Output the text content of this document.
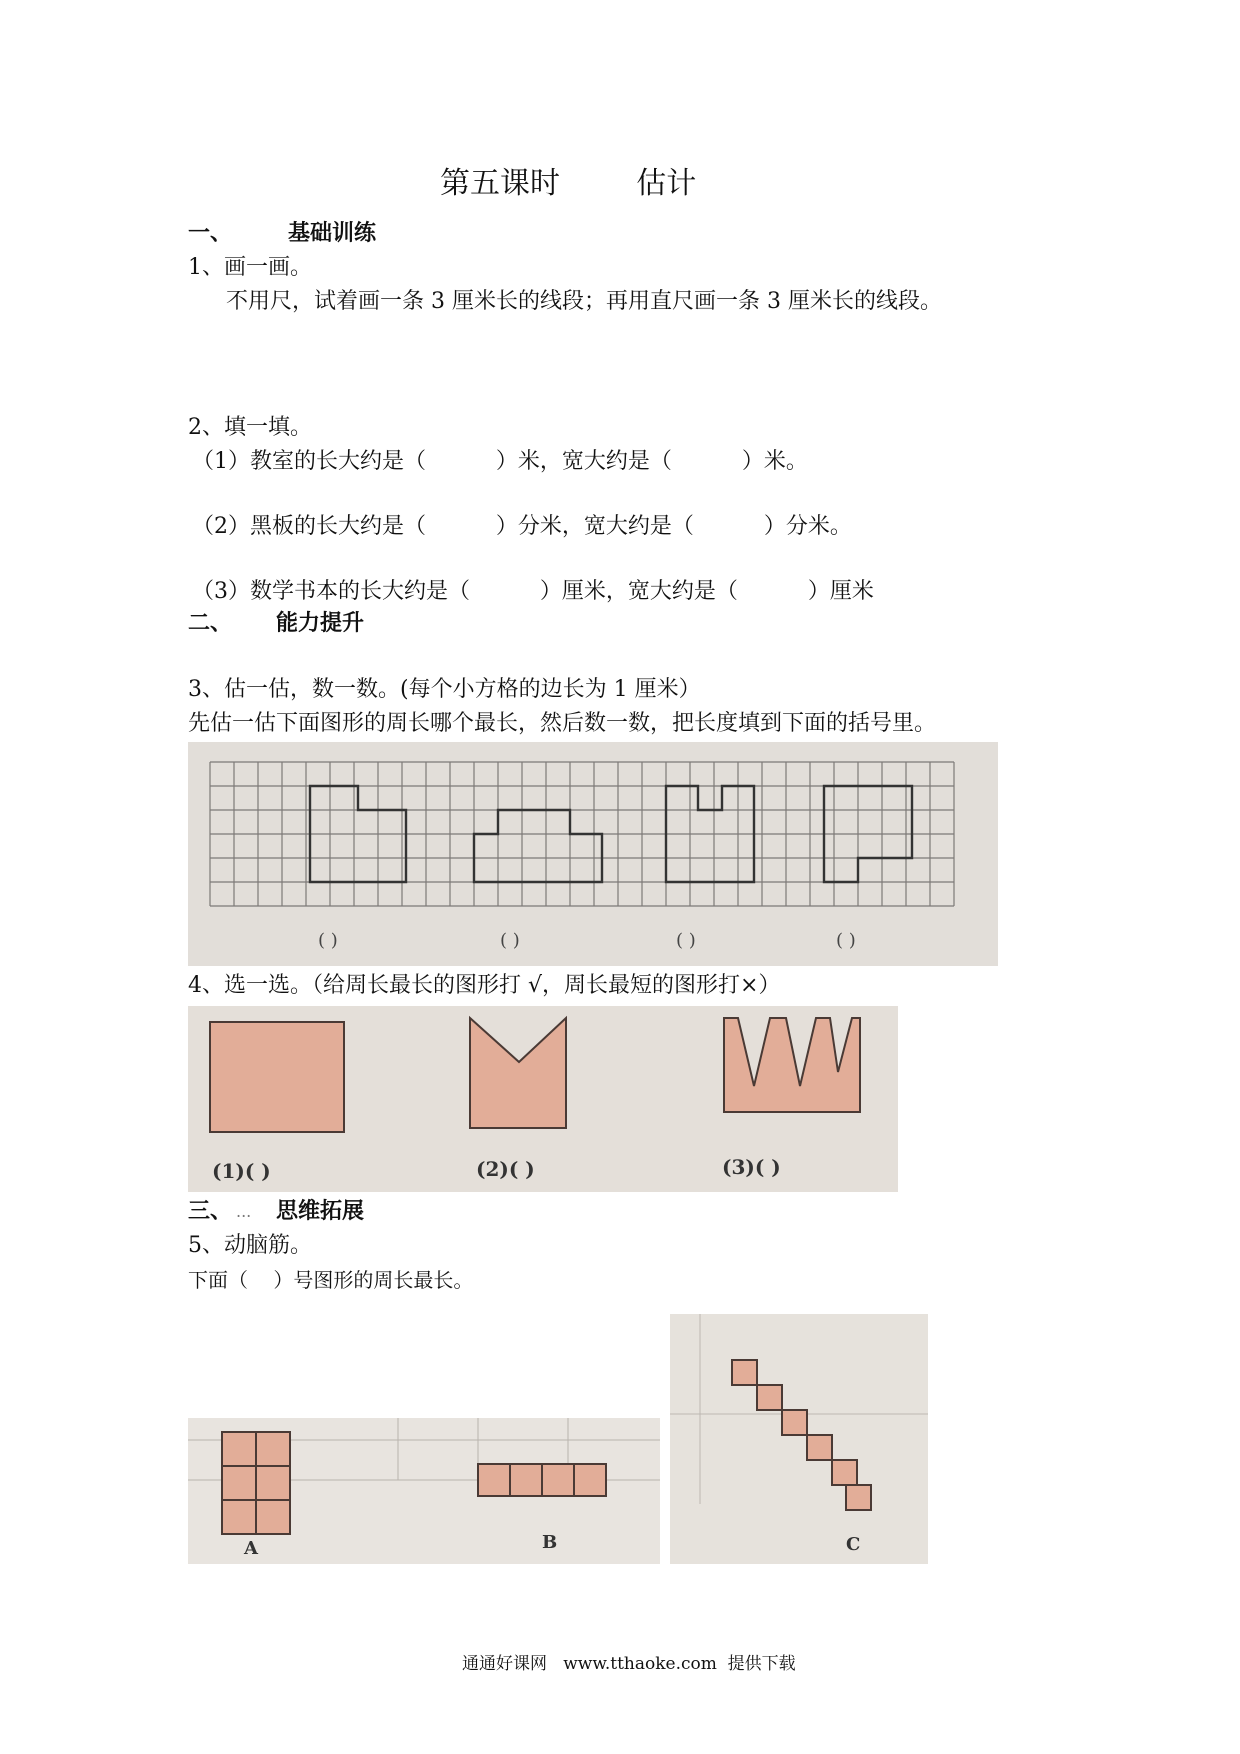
第五课时        估计
一、	基础训练
1、画一画。
不用尺，试着画一条 3 厘米长的线段；再用直尺画一条 3 厘米长的线段。
2、填一填。
（1）教室的长大约是（          ）米，宽大约是（          ）米。
（2）黑板的长大约是（          ）分米，宽大约是（          ）分米。
（3）数学书本的长大约是（          ）厘米，宽大约是（          ）厘米
二、 能力提升
3、估一估，数一数。(每个小方格的边长为 1 厘米）
先估一估下面图形的周长哪个最长，然后数一数，把长度填到下面的括号里。
( )	( )	( )	( )
4、选一选。（给周长最长的图形打 √，周长最短的图形打×）
(1)( )	(2)( )	(3)( )
三、 ... 思维拓展
5、动脑筋。
下面（    ）号图形的周长最长。
A	B	C
通通好课网   www.tthaoke.com  提供下载
